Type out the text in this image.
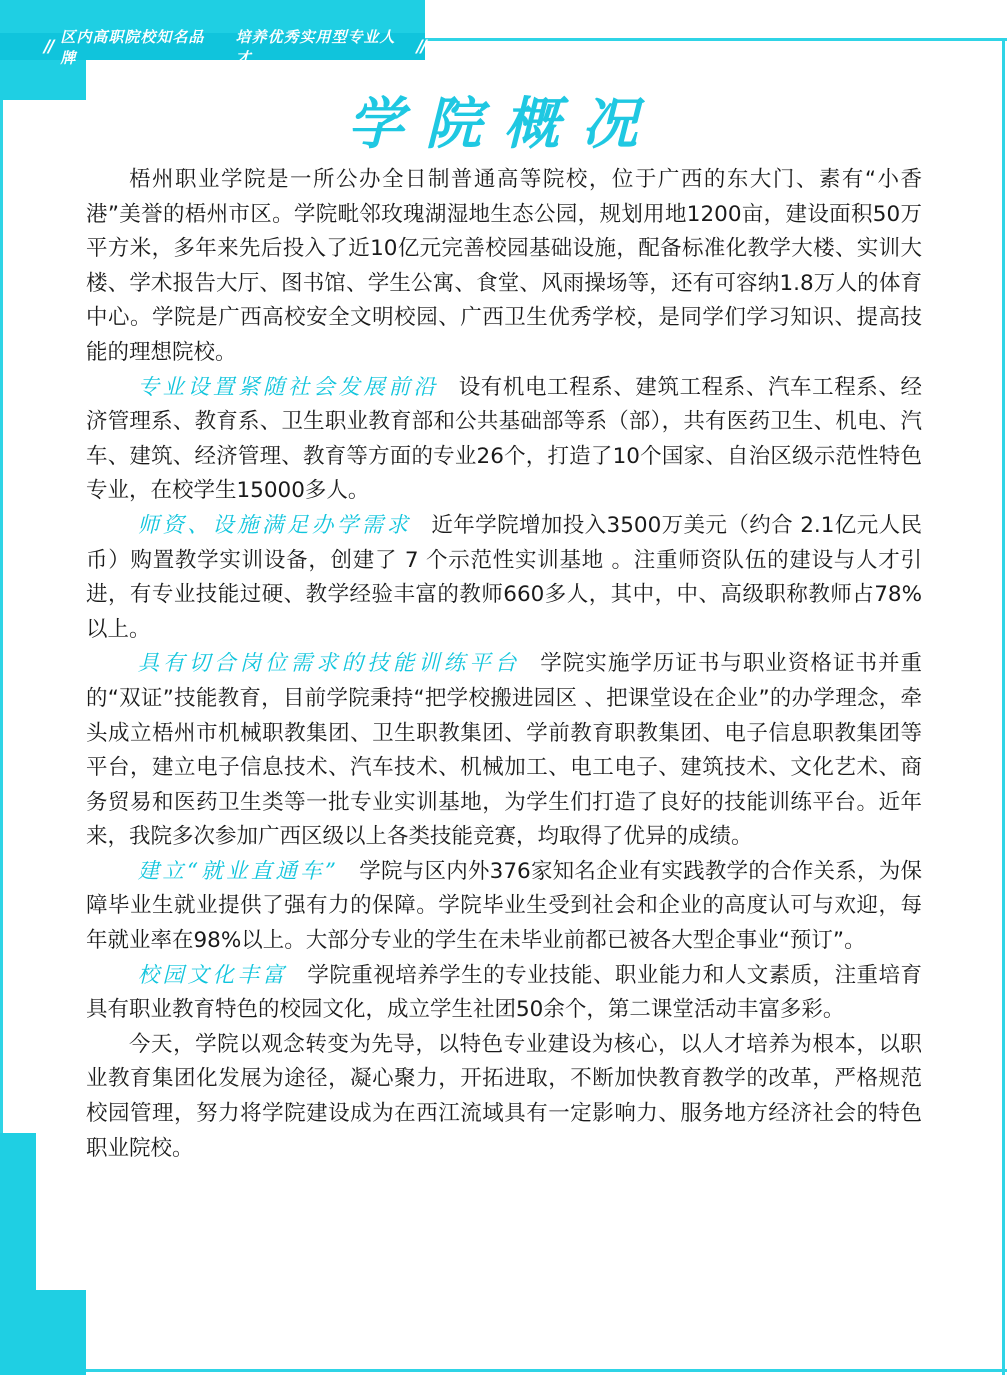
// 区内高职院校知名品牌
培养优秀实用型专业人才
//
学院概况

梧州职业学院是一所公办全日制普通高等院校，位于广西的东大门、素有“小香港”美誉的梧州市区。学院毗邻玫瑰湖湿地生态公园，规划用地1200亩，建设面积50万平方米，多年来先后投入了近10亿元完善校园基础设施，配备标准化教学大楼、实训大楼、学术报告大厅、图书馆、学生公寓、食堂、风雨操场等，还有可容纳1.8万人的体育中心。学院是广西高校安全文明校园、广西卫生优秀学校，是同学们学习知识、提高技能的理想院校。

专业设置紧随社会发展前沿 设有机电工程系、建筑工程系、汽车工程系、经济管理系、教育系、卫生职业教育部和公共基础部等系（部），共有医药卫生、机电、汽车、建筑、经济管理、教育等方面的专业26个，打造了10个国家、自治区级示范性特色专业，在校学生15000多人。

师资、设施满足办学需求 近年学院增加投入3500万美元（约合 2.1亿元人民币）购置教学实训设备，创建了 7 个示范性实训基地 。注重师资队伍的建设与人才引进，有专业技能过硬、教学经验丰富的教师660多人，其中，中、高级职称教师占78%以上。

具有切合岗位需求的技能训练平台 学院实施学历证书与职业资格证书并重的“双证”技能教育，目前学院秉持“把学校搬进园区 、把课堂设在企业”的办学理念，牵头成立梧州市机械职教集团、卫生职教集团、学前教育职教集团、电子信息职教集团等平台，建立电子信息技术、汽车技术、机械加工、电工电子、建筑技术、文化艺术、商务贸易和医药卫生类等一批专业实训基地，为学生们打造了良好的技能训练平台。近年来，我院多次参加广西区级以上各类技能竞赛，均取得了优异的成绩。

建立“就业直通车” 学院与区内外376家知名企业有实践教学的合作关系，为保障毕业生就业提供了强有力的保障。学院毕业生受到社会和企业的高度认可与欢迎，每年就业率在98%以上。大部分专业的学生在未毕业前都已被各大型企事业“预订”。

校园文化丰富 学院重视培养学生的专业技能、职业能力和人文素质，注重培育具有职业教育特色的校园文化，成立学生社团50余个，第二课堂活动丰富多彩。

今天，学院以观念转变为先导，以特色专业建设为核心，以人才培养为根本，以职业教育集团化发展为途径，凝心聚力，开拓进取，不断加快教育教学的改革，严格规范校园管理，努力将学院建设成为在西江流域具有一定影响力、服务地方经济社会的特色职业院校。
